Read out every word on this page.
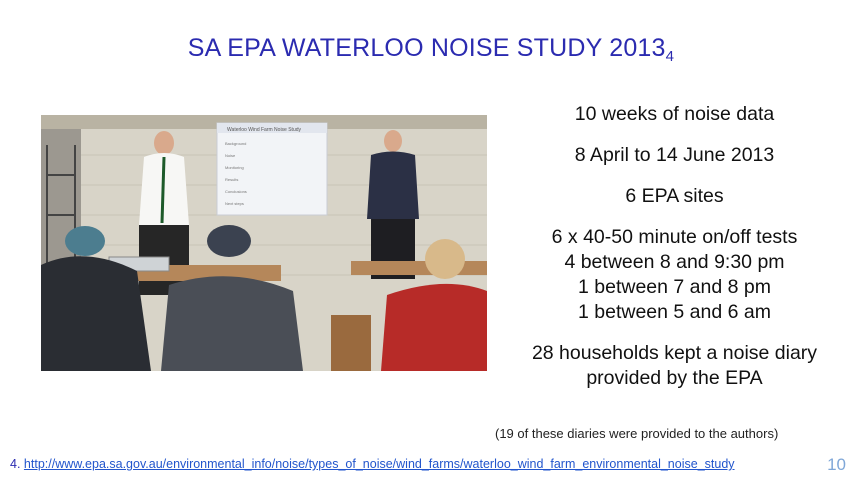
SA EPA WATERLOO NOISE STUDY $2013_4$
Waterloo Wind Farm Noise Study
Background
Noise
Monitoring
Results
Conclusions
Next steps
10 weeks of noise data
8 April to 14 June 2013
6 EPA sites
6 x 40-50 minute on/off tests
4 between 8 and 9:30 pm
1 between 7 and 8 pm
1 between 5 and 6 am
28 households kept a noise diary
provided by the EPA
(19 of these diaries were provided to the authors)
4. http://www.epa.sa.gov.au/environmental_info/noise/types_of_noise/wind_farms/waterloo_wind_farm_environmental_noise_study	10
